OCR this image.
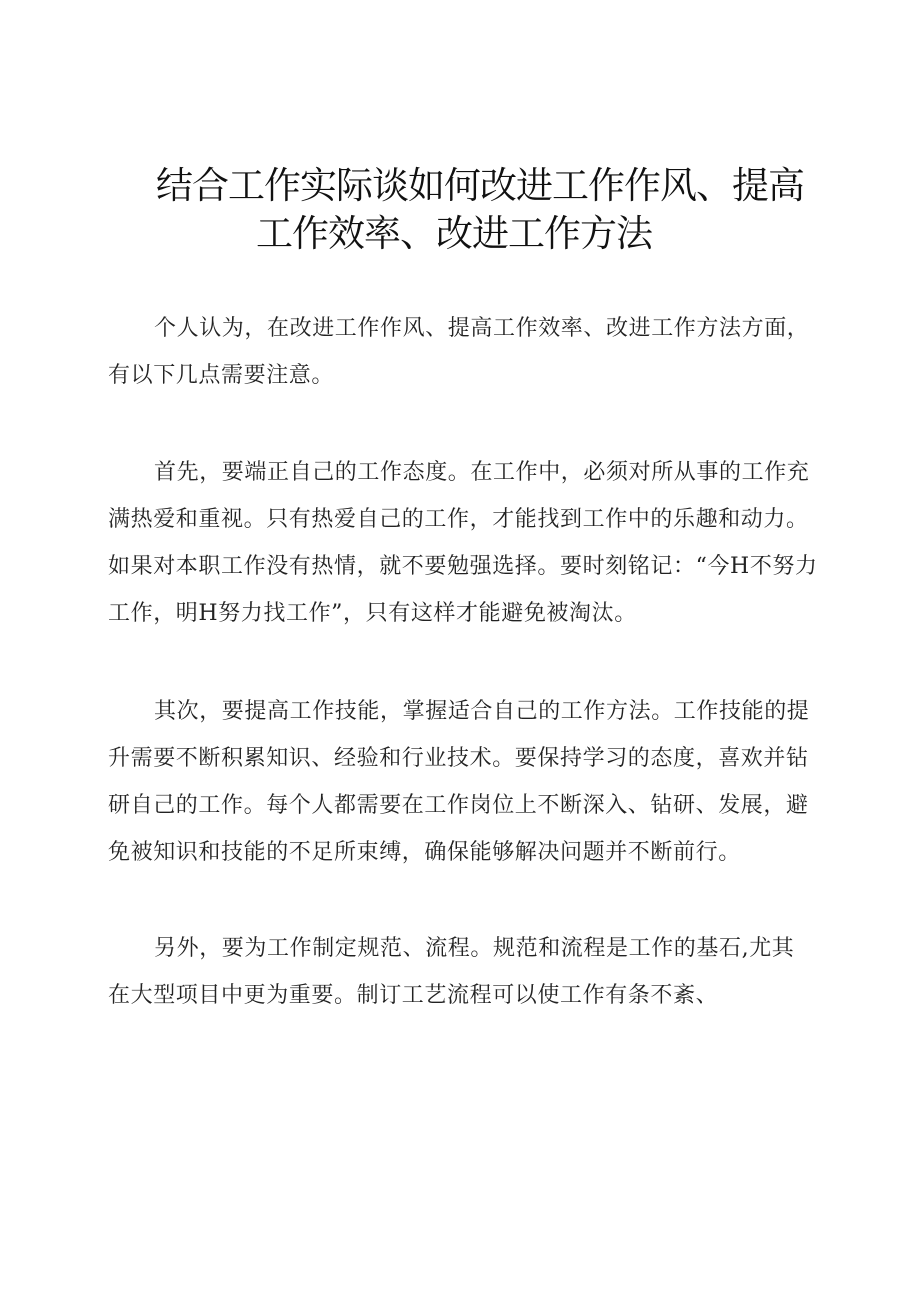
结合工作实际谈如何改进工作作风、提高
工作效率、改进工作方法
个人认为，在改进工作作风、提高工作效率、改进工作方法方面，
有以下几点需要注意。
首先，要端正自己的工作态度。在工作中，必须对所从事的工作充
满热爱和重视。只有热爱自己的工作，才能找到工作中的乐趣和动力。
如果对本职工作没有热情，就不要勉强选择。要时刻铭记：“今H不努力
工作，明H努力找工作”，只有这样才能避免被淘汰。
其次，要提高工作技能，掌握适合自己的工作方法。工作技能的提
升需要不断积累知识、经验和行业技术。要保持学习的态度，喜欢并钻
研自己的工作。每个人都需要在工作岗位上不断深入、钻研、发展，避
免被知识和技能的不足所束缚，确保能够解决问题并不断前行。
另外，要为工作制定规范、流程。规范和流程是工作的基石,尤其
在大型项目中更为重要。制订工艺流程可以使工作有条不紊、
